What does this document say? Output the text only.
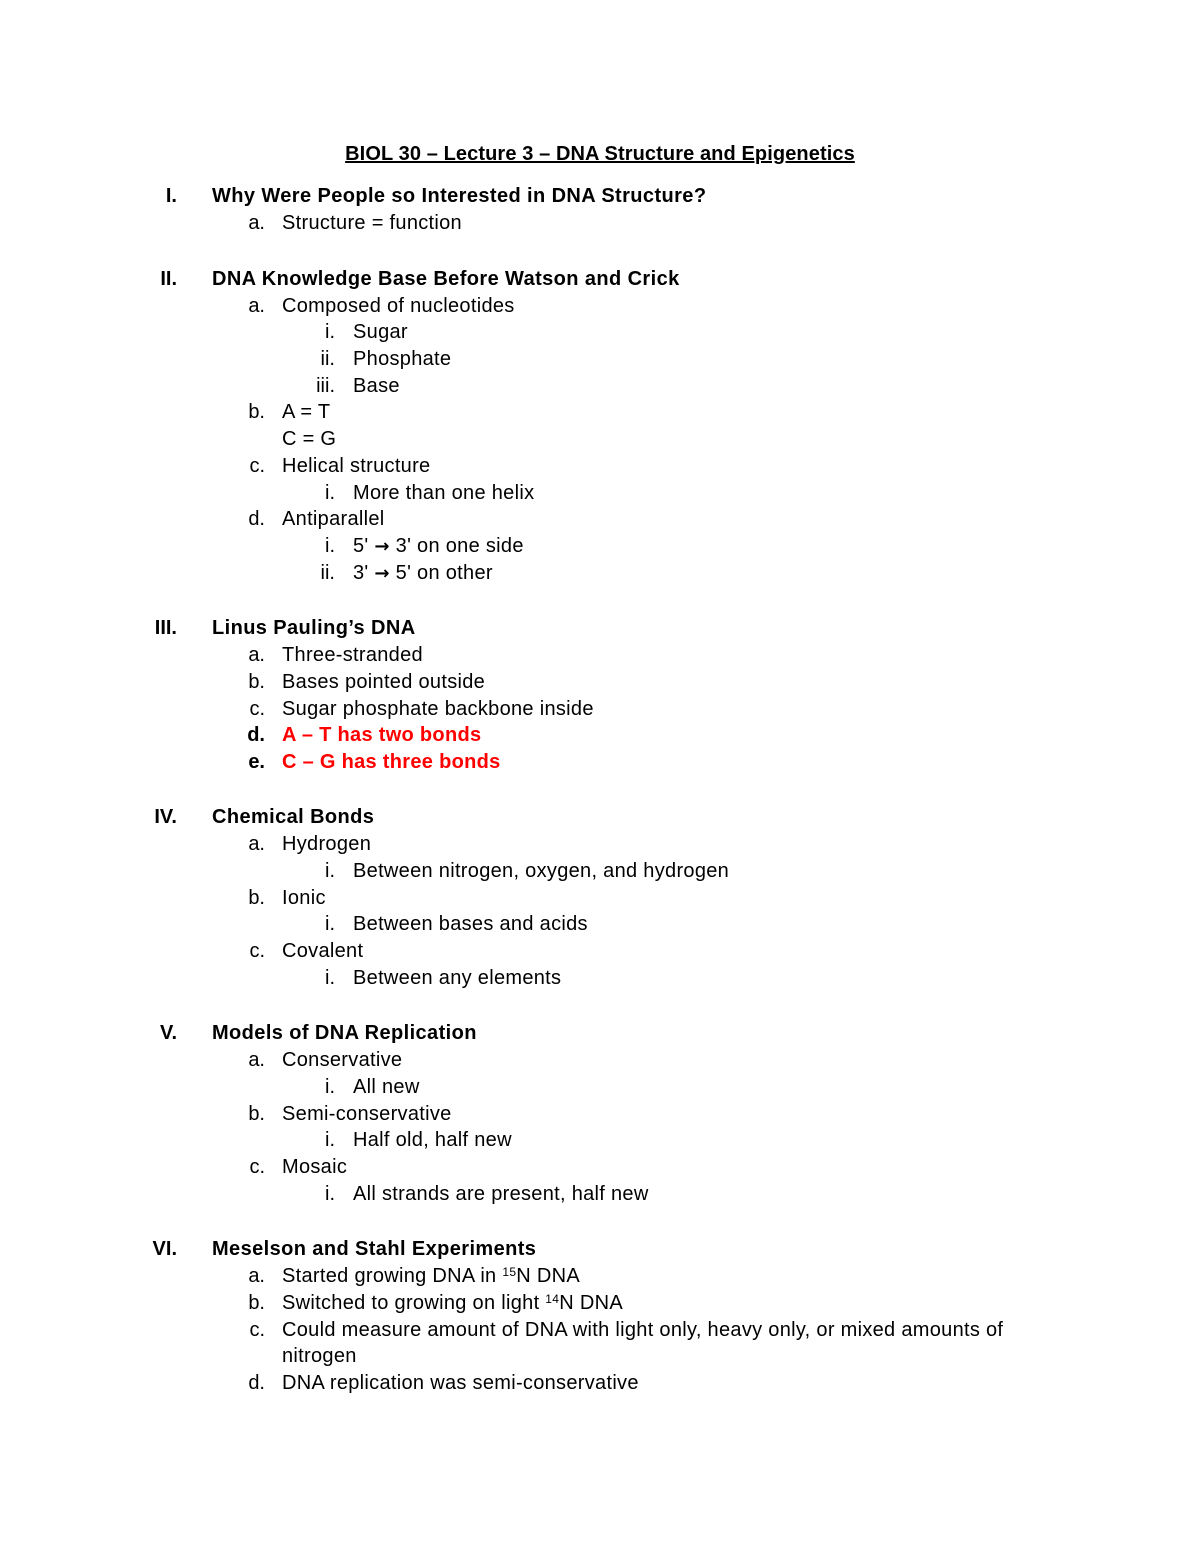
BIOL 30 – Lecture 3 – DNA Structure and Epigenetics
I. Why Were People so Interested in DNA Structure?
a. Structure = function
II. DNA Knowledge Base Before Watson and Crick
a. Composed of nucleotides
i. Sugar
ii. Phosphate
iii. Base
b. A = T
C = G
c. Helical structure
i. More than one helix
d. Antiparallel
i. 5' → 3' on one side
ii. 3' → 5' on other
III. Linus Pauling’s DNA
a. Three-stranded
b. Bases pointed outside
c. Sugar phosphate backbone inside
d. A – T has two bonds
e. C – G has three bonds
IV. Chemical Bonds
a. Hydrogen
i. Between nitrogen, oxygen, and hydrogen
b. Ionic
i. Between bases and acids
c. Covalent
i. Between any elements
V. Models of DNA Replication
a. Conservative
i. All new
b. Semi-conservative
i. Half old, half new
c. Mosaic
i. All strands are present, half new
VI. Meselson and Stahl Experiments
a. Started growing DNA in $^{15}$N DNA
b. Switched to growing on light $^{14}$N DNA
c. Could measure amount of DNA with light only, heavy only, or mixed amounts of
nitrogen
d. DNA replication was semi-conservative
